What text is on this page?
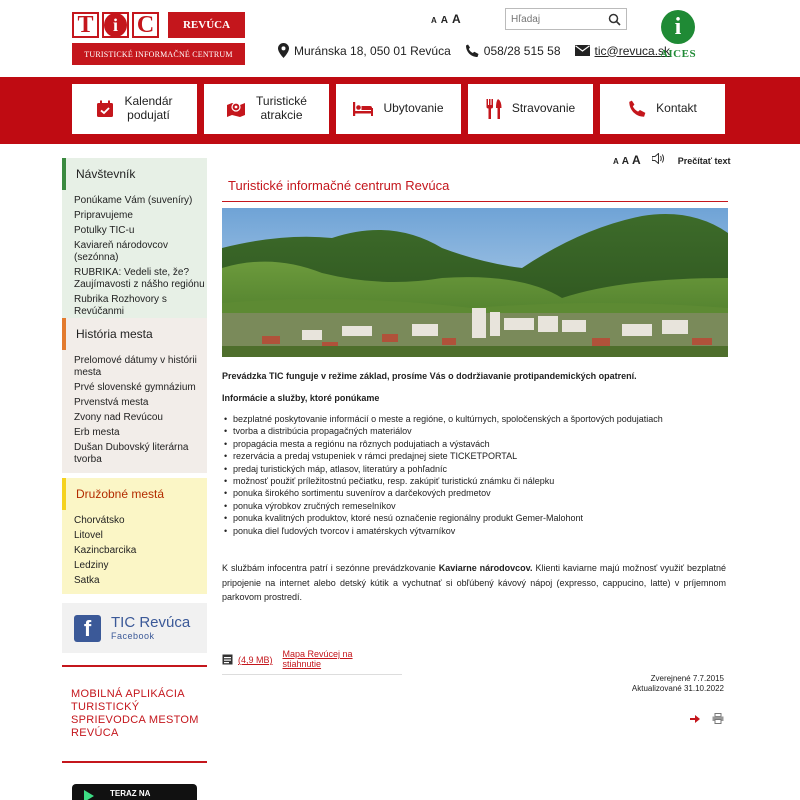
T	i C	REVÚCA
TURISTICKÉ INFORMAČNÉ CENTRUM
A A A
Hľadaj
Muránska 18, 050 01 Revúca	058/28 515 58	tic@revuca.sk
i
AICES
Kalendár
podujatí
Turistické
atrakcie	Ubytovanie	Stravovanie	Kontakt
Návštevník
Ponúkame Vám (suveníry)
Pripravujeme
Potulky TIC-u
Kaviareň národovcov (sezónna)
RUBRIKA: Vedeli ste, že? Zaujímavosti z nášho regiónu
Rubrika Rozhovory s Revúčanmi
História mesta
Prelomové dátumy v histórii mesta
Prvé slovenské gymnázium
Prvenstvá mesta
Zvony nad Revúcou
Erb mesta
Dušan Dubovský literárna tvorba
Družobné mestá
Chorvátsko
Litovel
Kazincbarcika
Ledziny
Satka
f	TIC Revúca
Facebook
MOBILNÁ APLIKÁCIA TURISTICKÝ SPRIEVODCA MESTOM REVÚCA
TERAZ NA
A A A	Prečítať text
Turistické informačné centrum Revúca
Prevádzka TIC funguje v režime základ, prosíme Vás o dodržiavanie protipandemických opatrení.
Informácie a služby, ktoré ponúkame
• bezplatné poskytovanie informácií o meste a regióne, o kultúrnych, spoločenských a športových podujatiach
• tvorba a distribúcia propagačných materiálov
• propagácia mesta a regiónu na rôznych podujatiach a výstavách
• rezervácia a predaj vstupeniek v rámci predajnej siete TICKETPORTAL
• predaj turistických máp, atlasov, literatúry a pohľadníc
• možnosť použiť príležitostnú pečiatku, resp. zakúpiť turistickú známku či nálepku
• ponuka širokého sortimentu suvenírov a darčekových predmetov
• ponuka výrobkov zručných remeselníkov
• ponuka kvalitných produktov, ktoré nesú označenie regionálny produkt Gemer-Malohont
• ponuka diel ľudových tvorcov i amatérskych výtvarníkov
K službám infocentra patrí i sezónne prevádzkovanie Kaviarne národovcov. Klienti kaviarne majú možnosť využiť bezplatné pripojenie na internet alebo detský kútik a vychutnať si obľúbený kávový nápoj (expresso, cappucino, latte) v príjemnom parkovom prostredí.
(4,9 MB)
Mapa Revúcej na stiahnutie
Zverejnené 7.7.2015
Aktualizované 31.10.2022
